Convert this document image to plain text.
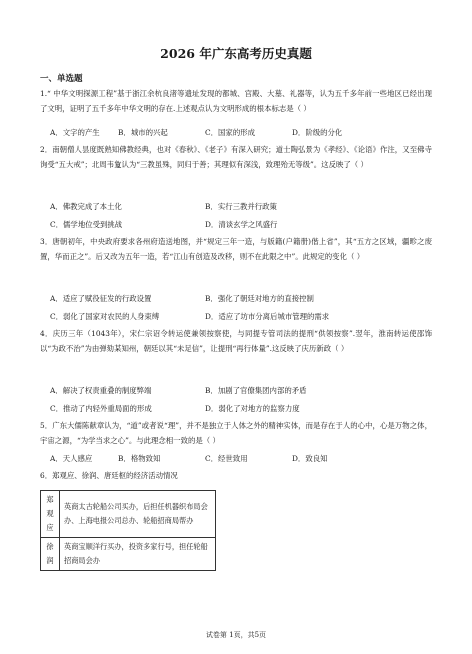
2026 年广东高考历史真题
一、单选题
1.“ 中华文明探源工程”基于浙江余杭良渚等遗址发现的都城、宫殿、大墓、礼器等，认为五千多年前一些地区已经出现了文明，证明了五千多年中华文明的存在.上述观点认为文明形成的根本标志是（ ）
A．文字的产生 B．城市的兴起	C．国家的形成	D．阶级的分化
2．南朝僧人昙度既熟知佛教经典，也对《春秋》、《老子》有深入研究；道士陶弘景为《孝经》、《论语》作注，又至佛寺询受“五大戒”；北周韦夐认为“三教虽殊，同归于善；其理似有深浅，致理殆无等级”。这反映了（ ）
A．佛教完成了本土化	B．实行三教并行政策
C．儒学地位受到挑战	D．清谈玄学之风盛行
3．唐朝初年，中央政府要求各州府造送地图，并“规定三年一造，与版籍(户籍册)偕上省”，其“五方之区域，疆畛之废置，华而正之”。后又改为五年一造，若“江山有创造及改移，则不在此限之中”。此规定的变化（ ）
A．适应了赋役征发的行政设置	B．强化了朝廷对地方的直接控制
C．弱化了国家对农民的人身束缚	D．适应了坊市分离后城市管理的需求
4．庆历三年（1043年），宋仁宗诏令转运使兼领按察使，与同提专管司法的提刑“供领按察”.翌年，淮南转运使邵饰以“为政不治”为由弹劾某知州，朝廷以其“未足信”，让提刑“再行体量”.这反映了庆历新政（ ）
A．解决了权责重叠的制度弊端	B．加剧了官僚集团内部的矛盾
C．推动了内轻外重局面的形成	D．弱化了对地方的监察力度
5．广东大儒陈献章认为，“道”或者说“理”，并不是独立于人体之外的精神实体，而是存在于人的心中，心是万物之体，宇宙之源，“为学当求之心”。与此理念相一致的是（ ）
A．天人感应	B．格物致知	C．经世致用	D．致良知
6．郑观应、徐润、唐廷枢的经济活动情况
郑观应	英商太古轮船公司买办，后担任机器织布局会办、上海电报公司总办、轮船招商局帮办
徐润	英商宝顺洋行买办，投资多家行号，担任轮船招商局会办
试卷第 1页，共5页
